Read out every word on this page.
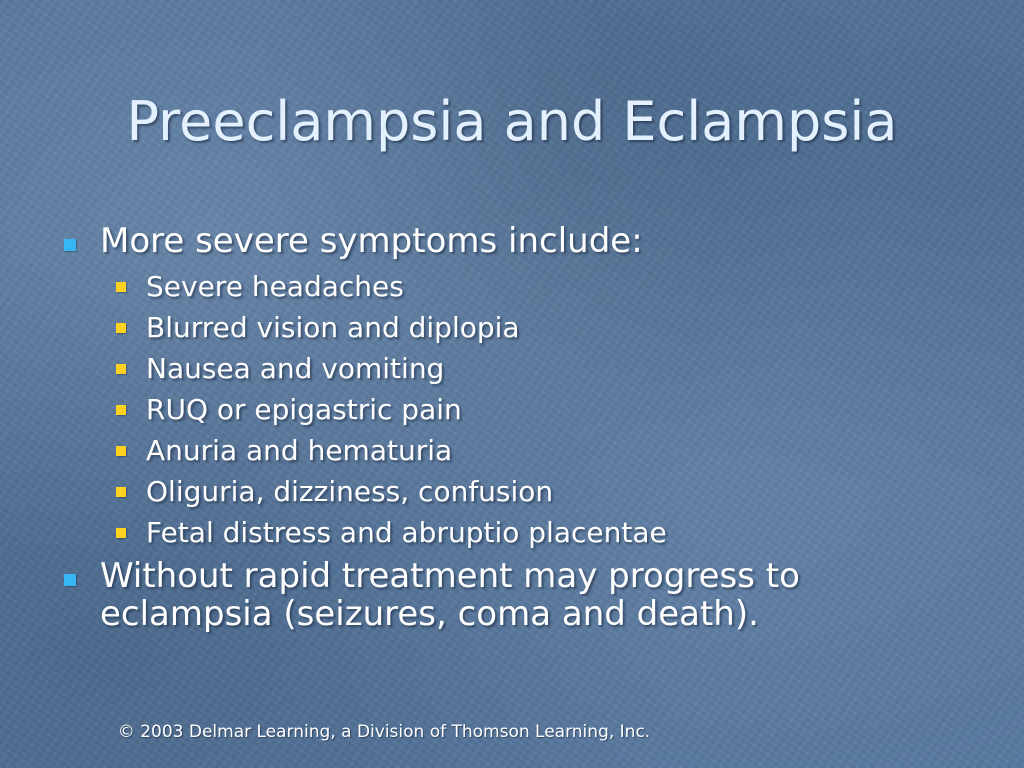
Preeclampsia and Eclampsia
More severe symptoms include:
Severe headaches
Blurred vision and diplopia
Nausea and vomiting
RUQ or epigastric pain
Anuria and hematuria
Oliguria, dizziness, confusion
Fetal distress and abruptio placentae
Without rapid treatment may progress to eclampsia (seizures, coma and death).
© 2003 Delmar Learning, a Division of Thomson Learning, Inc.
